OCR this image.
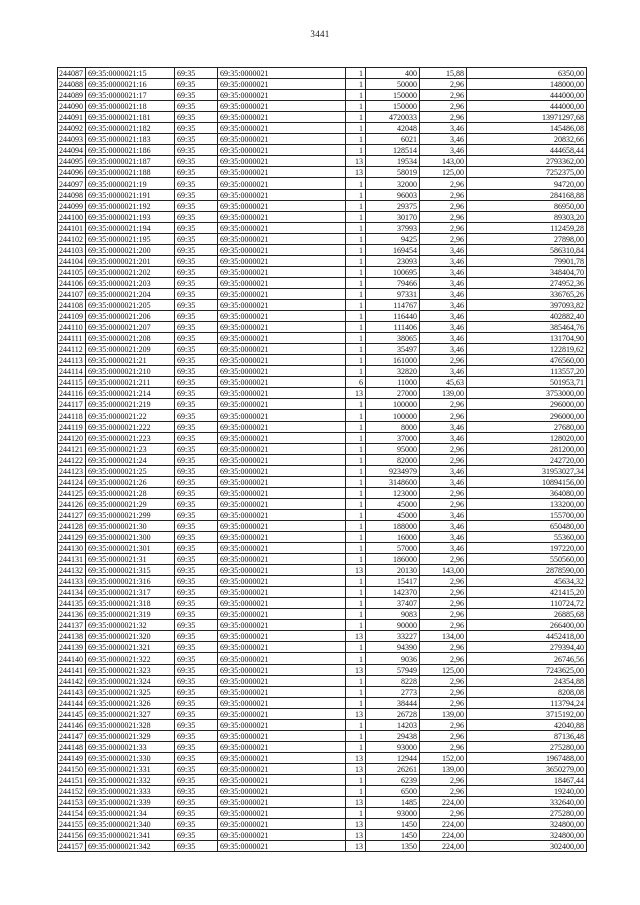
3441
244087	69:35:0000021:15	69:35	69:35:0000021	1	400	15,88	6350,00
244088	69:35:0000021:16	69:35	69:35:0000021	1	50000	2,96	148000,00
244089	69:35:0000021:17	69:35	69:35:0000021	1	150000	2,96	444000,00
244090	69:35:0000021:18	69:35	69:35:0000021	1	150000	2,96	444000,00
244091	69:35:0000021:181	69:35	69:35:0000021	1	4720033	2,96	13971297,68
244092	69:35:0000021:182	69:35	69:35:0000021	1	42048	3,46	145486,08
244093	69:35:0000021:183	69:35	69:35:0000021	1	6021	3,46	20832,66
244094	69:35:0000021:186	69:35	69:35:0000021	1	128514	3,46	444658,44
244095	69:35:0000021:187	69:35	69:35:0000021	13	19534	143,00	2793362,00
244096	69:35:0000021:188	69:35	69:35:0000021	13	58019	125,00	7252375,00
244097	69:35:0000021:19	69:35	69:35:0000021	1	32000	2,96	94720,00
244098	69:35:0000021:191	69:35	69:35:0000021	1	96003	2,96	284168,88
244099	69:35:0000021:192	69:35	69:35:0000021	1	29375	2,96	86950,00
244100	69:35:0000021:193	69:35	69:35:0000021	1	30170	2,96	89303,20
244101	69:35:0000021:194	69:35	69:35:0000021	1	37993	2,96	112459,28
244102	69:35:0000021:195	69:35	69:35:0000021	1	9425	2,96	27898,00
244103	69:35:0000021:200	69:35	69:35:0000021	1	169454	3,46	586310,84
244104	69:35:0000021:201	69:35	69:35:0000021	1	23093	3,46	79901,78
244105	69:35:0000021:202	69:35	69:35:0000021	1	100695	3,46	348404,70
244106	69:35:0000021:203	69:35	69:35:0000021	1	79466	3,46	274952,36
244107	69:35:0000021:204	69:35	69:35:0000021	1	97331	3,46	336765,26
244108	69:35:0000021:205	69:35	69:35:0000021	1	114767	3,46	397093,82
244109	69:35:0000021:206	69:35	69:35:0000021	1	116440	3,46	402882,40
244110	69:35:0000021:207	69:35	69:35:0000021	1	111406	3,46	385464,76
244111	69:35:0000021:208	69:35	69:35:0000021	1	38065	3,46	131704,90
244112	69:35:0000021:209	69:35	69:35:0000021	1	35497	3,46	122819,62
244113	69:35:0000021:21	69:35	69:35:0000021	1	161000	2,96	476560,00
244114	69:35:0000021:210	69:35	69:35:0000021	1	32820	3,46	113557,20
244115	69:35:0000021:211	69:35	69:35:0000021	6	11000	45,63	501953,71
244116	69:35:0000021:214	69:35	69:35:0000021	13	27000	139,00	3753000,00
244117	69:35:0000021:219	69:35	69:35:0000021	1	100000	2,96	296000,00
244118	69:35:0000021:22	69:35	69:35:0000021	1	100000	2,96	296000,00
244119	69:35:0000021:222	69:35	69:35:0000021	1	8000	3,46	27680,00
244120	69:35:0000021:223	69:35	69:35:0000021	1	37000	3,46	128020,00
244121	69:35:0000021:23	69:35	69:35:0000021	1	95000	2,96	281200,00
244122	69:35:0000021:24	69:35	69:35:0000021	1	82000	2,96	242720,00
244123	69:35:0000021:25	69:35	69:35:0000021	1	9234979	3,46	31953027,34
244124	69:35:0000021:26	69:35	69:35:0000021	1	3148600	3,46	10894156,00
244125	69:35:0000021:28	69:35	69:35:0000021	1	123000	2,96	364080,00
244126	69:35:0000021:29	69:35	69:35:0000021	1	45000	2,96	133200,00
244127	69:35:0000021:299	69:35	69:35:0000021	1	45000	3,46	155700,00
244128	69:35:0000021:30	69:35	69:35:0000021	1	188000	3,46	650480,00
244129	69:35:0000021:300	69:35	69:35:0000021	1	16000	3,46	55360,00
244130	69:35:0000021:301	69:35	69:35:0000021	1	57000	3,46	197220,00
244131	69:35:0000021:31	69:35	69:35:0000021	1	186000	2,96	550560,00
244132	69:35:0000021:315	69:35	69:35:0000021	13	20130	143,00	2878590,00
244133	69:35:0000021:316	69:35	69:35:0000021	1	15417	2,96	45634,32
244134	69:35:0000021:317	69:35	69:35:0000021	1	142370	2,96	421415,20
244135	69:35:0000021:318	69:35	69:35:0000021	1	37407	2,96	110724,72
244136	69:35:0000021:319	69:35	69:35:0000021	1	9083	2,96	26885,68
244137	69:35:0000021:32	69:35	69:35:0000021	1	90000	2,96	266400,00
244138	69:35:0000021:320	69:35	69:35:0000021	13	33227	134,00	4452418,00
244139	69:35:0000021:321	69:35	69:35:0000021	1	94390	2,96	279394,40
244140	69:35:0000021:322	69:35	69:35:0000021	1	9036	2,96	26746,56
244141	69:35:0000021:323	69:35	69:35:0000021	13	57949	125,00	7243625,00
244142	69:35:0000021:324	69:35	69:35:0000021	1	8228	2,96	24354,88
244143	69:35:0000021:325	69:35	69:35:0000021	1	2773	2,96	8208,08
244144	69:35:0000021:326	69:35	69:35:0000021	1	38444	2,96	113794,24
244145	69:35:0000021:327	69:35	69:35:0000021	13	26728	139,00	3715192,00
244146	69:35:0000021:328	69:35	69:35:0000021	1	14203	2,96	42040,88
244147	69:35:0000021:329	69:35	69:35:0000021	1	29438	2,96	87136,48
244148	69:35:0000021:33	69:35	69:35:0000021	1	93000	2,96	275280,00
244149	69:35:0000021:330	69:35	69:35:0000021	13	12944	152,00	1967488,00
244150	69:35:0000021:331	69:35	69:35:0000021	13	26261	139,00	3650279,00
244151	69:35:0000021:332	69:35	69:35:0000021	1	6239	2,96	18467,44
244152	69:35:0000021:333	69:35	69:35:0000021	1	6500	2,96	19240,00
244153	69:35:0000021:339	69:35	69:35:0000021	13	1485	224,00	332640,00
244154	69:35:0000021:34	69:35	69:35:0000021	1	93000	2,96	275280,00
244155	69:35:0000021:340	69:35	69:35:0000021	13	1450	224,00	324800,00
244156	69:35:0000021:341	69:35	69:35:0000021	13	1450	224,00	324800,00
244157	69:35:0000021:342	69:35	69:35:0000021	13	1350	224,00	302400,00
